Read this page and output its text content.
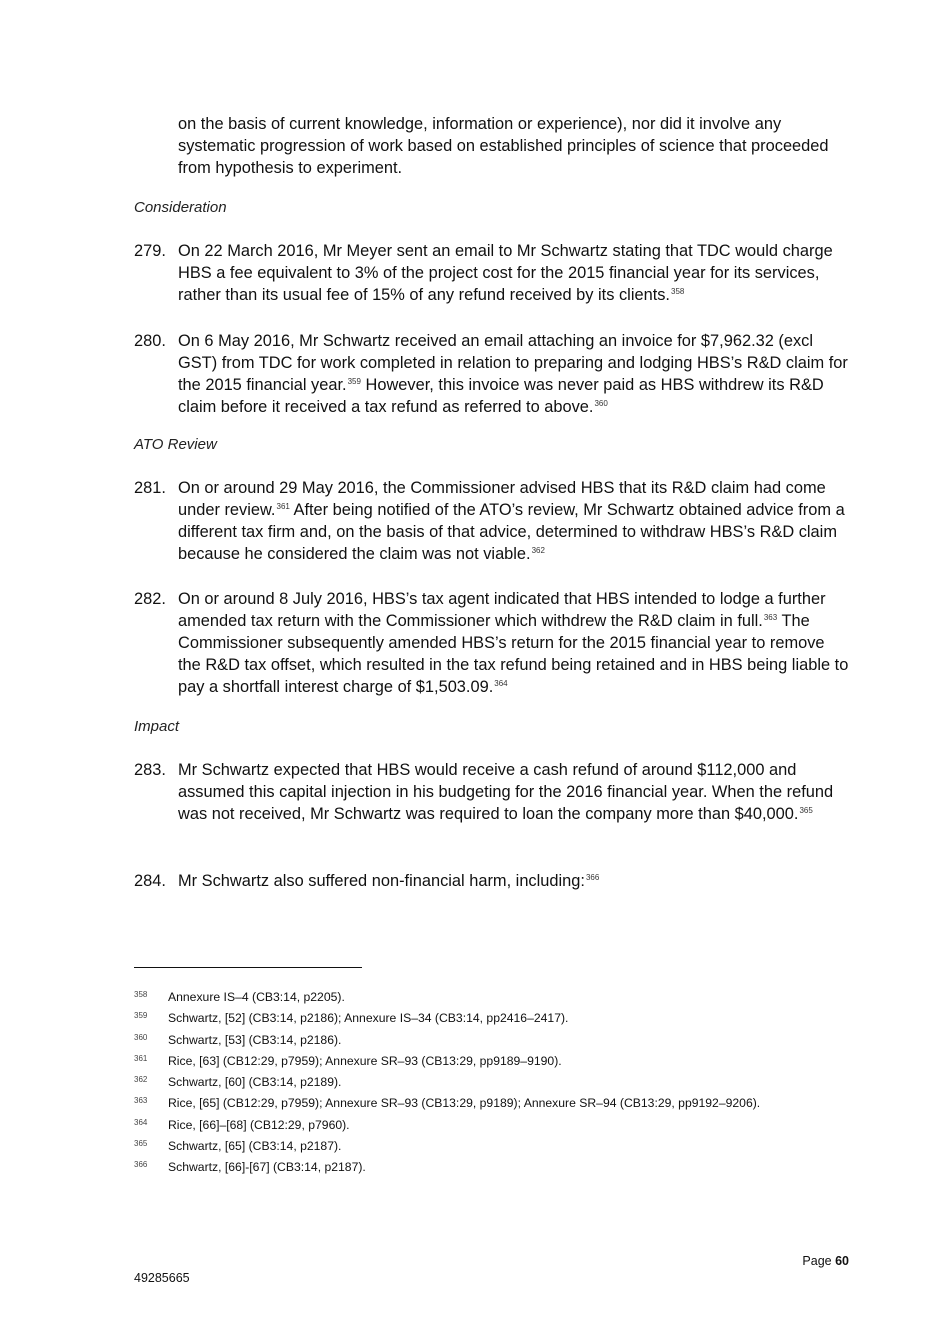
on the basis of current knowledge, information or experience), nor did it involve any systematic progression of work based on established principles of science that proceeded from hypothesis to experiment.
Consideration
279. On 22 March 2016, Mr Meyer sent an email to Mr Schwartz stating that TDC would charge HBS a fee equivalent to 3% of the project cost for the 2015 financial year for its services, rather than its usual fee of 15% of any refund received by its clients.$^{358}$
280. On 6 May 2016, Mr Schwartz received an email attaching an invoice for $7,962.32 (excl GST) from TDC for work completed in relation to preparing and lodging HBS’s R&D claim for the 2015 financial year.$^{359}$ However, this invoice was never paid as HBS withdrew its R&D claim before it received a tax refund as referred to above.$^{360}$
ATO Review
281. On or around 29 May 2016, the Commissioner advised HBS that its R&D claim had come under review.$^{361}$ After being notified of the ATO’s review, Mr Schwartz obtained advice from a different tax firm and, on the basis of that advice, determined to withdraw HBS’s R&D claim because he considered the claim was not viable.$^{362}$
282. On or around 8 July 2016, HBS’s tax agent indicated that HBS intended to lodge a further amended tax return with the Commissioner which withdrew the R&D claim in full.$^{363}$ The Commissioner subsequently amended HBS’s return for the 2015 financial year to remove the R&D tax offset, which resulted in the tax refund being retained and in HBS being liable to pay a shortfall interest charge of $1,503.09.$^{364}$
Impact
283. Mr Schwartz expected that HBS would receive a cash refund of around $112,000 and assumed this capital injection in his budgeting for the 2016 financial year. When the refund was not received, Mr Schwartz was required to loan the company more than $40,000.$^{365}$
284. Mr Schwartz also suffered non-financial harm, including:$^{366}$
358 Annexure IS–4 (CB3:14, p2205).
359 Schwartz, [52] (CB3:14, p2186); Annexure IS–34 (CB3:14, pp2416–2417).
360 Schwartz, [53] (CB3:14, p2186).
361 Rice, [63] (CB12:29, p7959); Annexure SR–93 (CB13:29, pp9189–9190).
362 Schwartz, [60] (CB3:14, p2189).
363 Rice, [65] (CB12:29, p7959); Annexure SR–93 (CB13:29, p9189); Annexure SR–94 (CB13:29, pp9192–9206).
364 Rice, [66]–[68] (CB12:29, p7960).
365 Schwartz, [65] (CB3:14, p2187).
366 Schwartz, [66]-[67] (CB3:14, p2187).
Page 60
49285665
